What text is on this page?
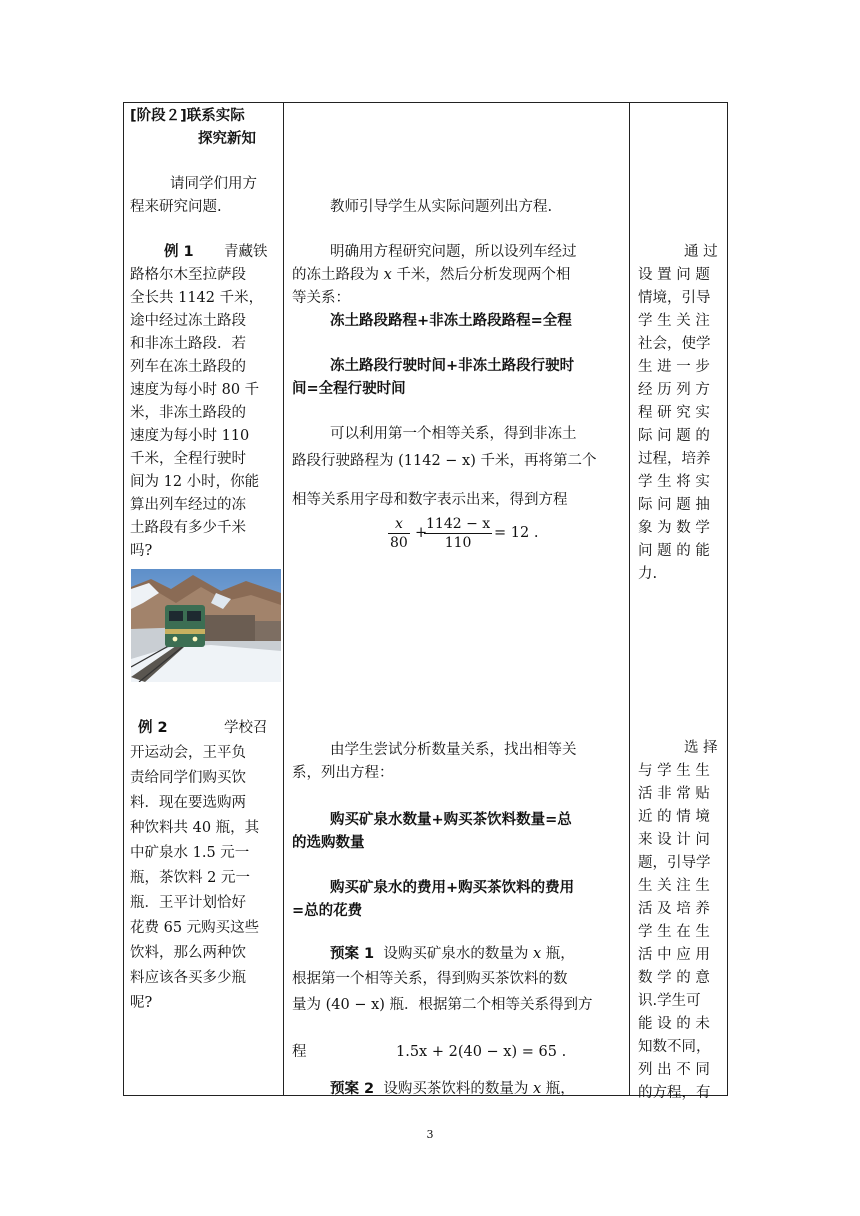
[阶段２]联系实际
探究新知
请同学们用方
程来研究问题.
例 1 青藏铁
路格尔木至拉萨段
全长共 1142 千米，
途中经过冻土路段
和非冻土路段．若
列车在冻土路段的
速度为每小时 80 千
米，非冻土路段的
速度为每小时 110
千米，全程行驶时
间为 12 小时，你能
算出列车经过的冻
土路段有多少千米
吗?
例 2	学校召
开运动会，王平负
责给同学们购买饮
料．现在要选购两
种饮料共 40 瓶，其
中矿泉水 1.5 元一
瓶，茶饮料 2 元一
瓶．王平计划恰好
花费 65 元购买这些
饮料，那么两种饮
料应该各买多少瓶
呢?
教师引导学生从实际问题列出方程.
明确用方程研究问题，所以设列车经过
的冻土路段为 x 千米，然后分析发现两个相
等关系：
冻土路段路程+非冻土路段路程=全程
冻土路段行驶时间+非冻土路段行驶时
间=全程行驶时间
可以利用第一个相等关系，得到非冻土
路段行驶路程为 (1142 − x) 千米，再将第二个
相等关系用字母和数字表示出来，得到方程
$\frac{x}{80}$ +
$\frac{1142 - x}{110} = 12$ .
由学生尝试分析数量关系，找出相等关
系，列出方程：
购买矿泉水数量+购买茶饮料数量=总
的选购数量
购买矿泉水的费用+购买茶饮料的费用
=总的花费
预案 1 设购买矿泉水的数量为 x 瓶，
根据第一个相等关系，得到购买茶饮料的数
量为 (40 − x) 瓶．根据第二个相等关系得到方
程	1.5x + 2(40 − x) = 65 .
预案 2 设购买茶饮料的数量为 x 瓶，
通 过
设 置 问 题
情境，引导
学 生 关 注
社会，使学
生 进 一 步
经 历 列 方
程 研 究 实
际 问 题 的
过程，培养
学 生 将 实
际 问 题 抽
象 为 数 学
问 题 的 能
力.
选 择
与 学 生 生
活 非 常 贴
近 的 情 境
来 设 计 问
题，引导学
生 关 注 生
活 及 培 养
学 生 在 生
活 中 应 用
数 学 的 意
识.学生可
能 设 的 未
知数不同，
列 出 不 同
的方程，有
3
